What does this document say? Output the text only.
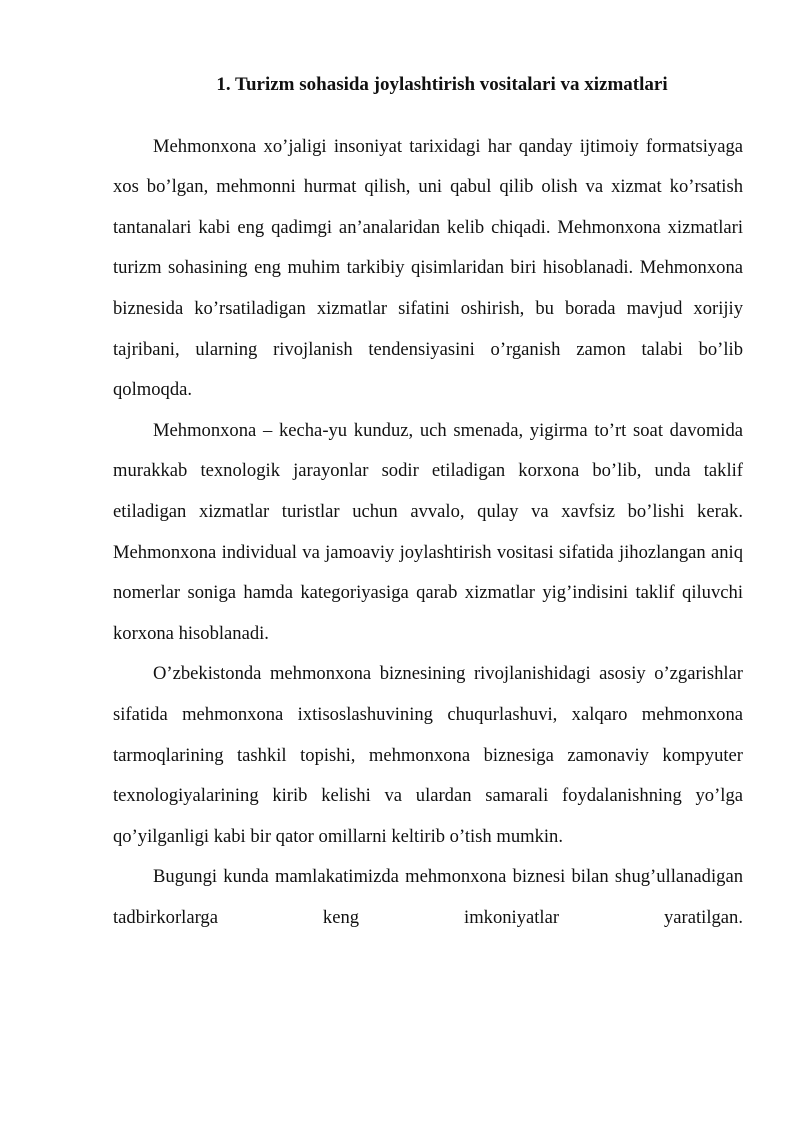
1. Turizm sohasida joylashtirish vositalari va xizmatlari

Mehmonxona xo’jaligi insoniyat tarixidagi har qanday ijtimoiy formatsiyaga xos bo’lgan, mehmonni hurmat qilish, uni qabul qilib olish va xizmat ko’rsatish tantanalari kabi eng qadimgi an’analaridan kelib chiqadi. Mehmonxona xizmatlari turizm sohasining eng muhim tarkibiy qisimlaridan biri hisoblanadi. Mehmonxona biznesida ko’rsatiladigan xizmatlar sifatini oshirish, bu borada mavjud xorijiy tajribani, ularning rivojlanish tendensiyasini o’rganish zamon talabi bo’lib qolmoqda.

Mehmonxona – kecha-yu kunduz, uch smenada, yigirma to’rt soat davomida murakkab texnologik jarayonlar sodir etiladigan korxona bo’lib, unda taklif etiladigan xizmatlar turistlar uchun avvalo, qulay va xavfsiz bo’lishi kerak. Mehmonxona individual va jamoaviy joylashtirish vositasi sifatida jihozlangan aniq nomerlar soniga hamda kategoriyasiga qarab xizmatlar yig’indisini taklif qiluvchi korxona hisoblanadi.

O’zbekistonda mehmonxona biznesining rivojlanishidagi asosiy o’zgarishlar sifatida mehmonxona ixtisoslashuvining chuqurlashuvi, xalqaro mehmonxona tarmoqlarining tashkil topishi, mehmonxona biznesiga zamonaviy kompyuter texnologiyalarining kirib kelishi va ulardan samarali foydalanishning yo’lga qo’yilganligi kabi bir qator omillarni keltirib o’tish mumkin.

Bugungi kunda mamlakatimizda mehmonxona biznesi bilan shug’ullanadigan tadbirkorlarga keng imkoniyatlar yaratilgan.
